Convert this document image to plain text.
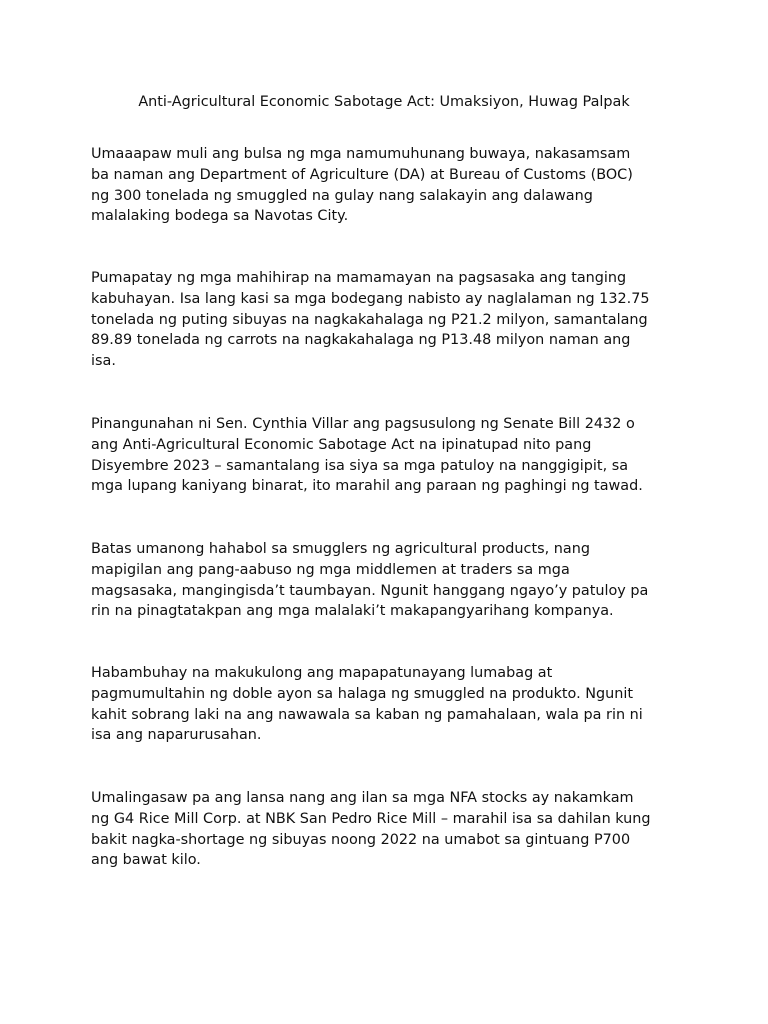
Anti-Agricultural Economic Sabotage Act: Umaksiyon, Huwag Palpak

Umaaapaw muli ang bulsa ng mga namumuhunang buwaya, nakasamsam
ba naman ang Department of Agriculture (DA) at Bureau of Customs (BOC)
ng 300 tonelada ng smuggled na gulay nang salakayin ang dalawang
malalaking bodega sa Navotas City.

Pumapatay ng mga mahihirap na mamamayan na pagsasaka ang tanging
kabuhayan. Isa lang kasi sa mga bodegang nabisto ay naglalaman ng 132.75
tonelada ng puting sibuyas na nagkakahalaga ng P21.2 milyon, samantalang
89.89 tonelada ng carrots na nagkakahalaga ng P13.48 milyon naman ang
isa.

Pinangunahan ni Sen. Cynthia Villar ang pagsusulong ng Senate Bill 2432 o
ang Anti-Agricultural Economic Sabotage Act na ipinatupad nito pang
Disyembre 2023 – samantalang isa siya sa mga patuloy na nanggigipit, sa
mga lupang kaniyang binarat, ito marahil ang paraan ng paghingi ng tawad.

Batas umanong hahabol sa smugglers ng agricultural products, nang
mapigilan ang pang-aabuso ng mga middlemen at traders sa mga
magsasaka, mangingisda’t taumbayan. Ngunit hanggang ngayo’y patuloy pa
rin na pinagtatakpan ang mga malalaki’t makapangyarihang kompanya.

Habambuhay na makukulong ang mapapatunayang lumabag at
pagmumultahin ng doble ayon sa halaga ng smuggled na produkto. Ngunit
kahit sobrang laki na ang nawawala sa kaban ng pamahalaan, wala pa rin ni
isa ang naparurusahan.

Umalingasaw pa ang lansa nang ang ilan sa mga NFA stocks ay nakamkam
ng G4 Rice Mill Corp. at NBK San Pedro Rice Mill – marahil isa sa dahilan kung
bakit nagka-shortage ng sibuyas noong 2022 na umabot sa gintuang P700
ang bawat kilo.
